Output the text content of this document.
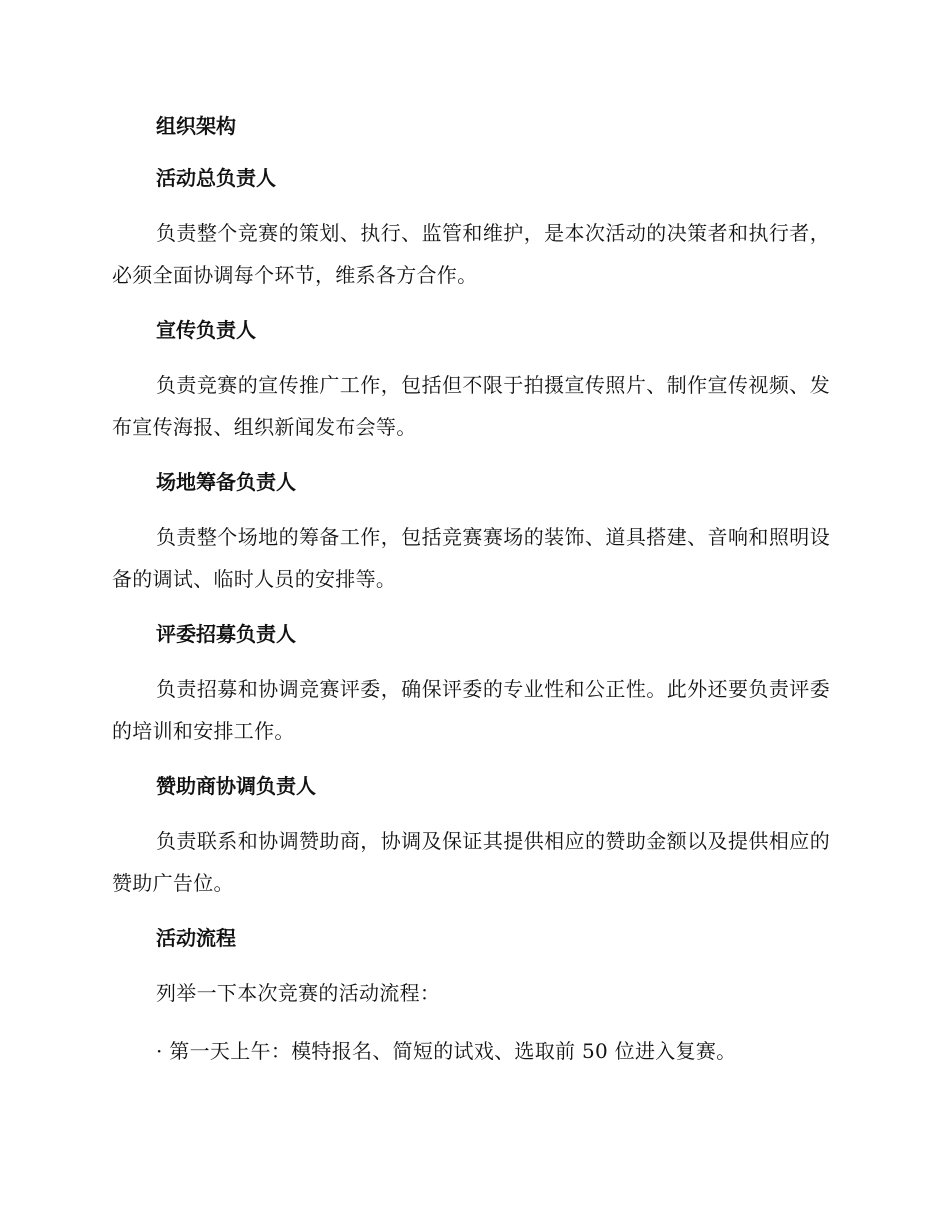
组织架构
活动总负责人

负责整个竞赛的策划、执行、监管和维护，是本次活动的决策者和执行者，必须全面协调每个环节，维系各方合作。

宣传负责人

负责竞赛的宣传推广工作，包括但不限于拍摄宣传照片、制作宣传视频、发布宣传海报、组织新闻发布会等。

场地筹备负责人

负责整个场地的筹备工作，包括竞赛赛场的装饰、道具搭建、音响和照明设备的调试、临时人员的安排等。

评委招募负责人

负责招募和协调竞赛评委，确保评委的专业性和公正性。此外还要负责评委的培训和安排工作。

赞助商协调负责人

负责联系和协调赞助商，协调及保证其提供相应的赞助金额以及提供相应的赞助广告位。

活动流程

列举一下本次竞赛的活动流程：

· 第一天上午：模特报名、简短的试戏、选取前 50 位进入复赛。
